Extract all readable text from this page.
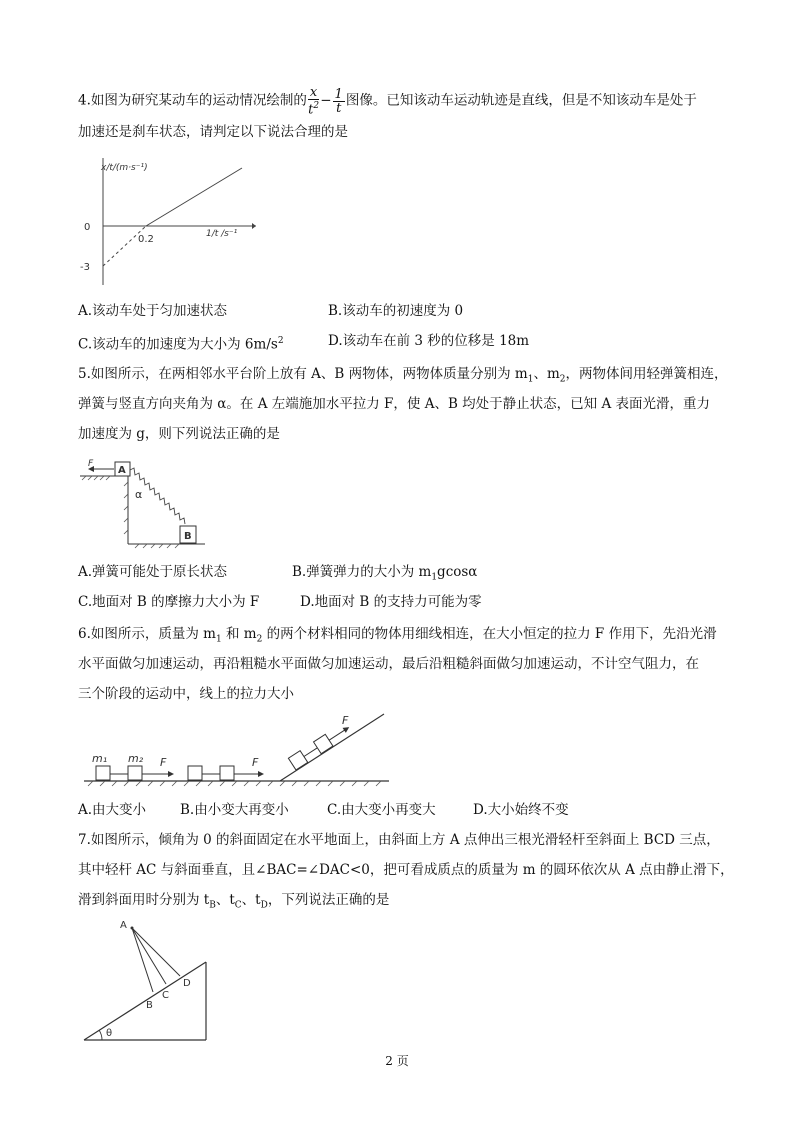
4.如图为研究某动车的运动情况绘制的 $\frac{x}{t^2} - \frac{1}{t}$ 图像。已知该动车运动轨迹是直线，但是不知该动车是处于
加速还是刹车状态，请判定以下说法合理的是
x/t/(m·s⁻¹)
1/t /s⁻¹
0
0.2
-3
A.该动车处于匀加速状态	B.该动车的初速度为 0
C.该动车的加速度为大小为 $6m/s^2$	D.该动车在前 3 秒的位移是 18m
5.如图所示，在两相邻水平台阶上放有 A、B 两物体，两物体质量分别为 $m_1$、$m_2$，两物体间用轻弹簧相连，
弹簧与竖直方向夹角为 α。在 A 左端施加水平拉力 F，使 A、B 均处于静止状态，已知 A 表面光滑，重力
加速度为 g，则下列说法正确的是
A
F
α
B
A.弹簧可能处于原长状态	B.弹簧弹力的大小为 $m_1gcos\alpha$
C.地面对 B 的摩擦力大小为 F	D.地面对 B 的支持力可能为零
6.如图所示，质量为 $m_1$ 和 $m_2$ 的两个材料相同的物体用细线相连，在大小恒定的拉力 F 作用下，先沿光滑
水平面做匀加速运动，再沿粗糙水平面做匀加速运动，最后沿粗糙斜面做匀加速运动，不计空气阻力，在
三个阶段的运动中，线上的拉力大小
m₁ m₂ F	F
F
A.由大变小	B.由小变大再变小	C.由大变小再变大	D.大小始终不变
7.如图所示，倾角为 0 的斜面固定在水平地面上，由斜面上方 A 点伸出三根光滑轻杆至斜面上 BCD 三点，
其中轻杆 AC 与斜面垂直，且∠BAC=∠DAC<0，把可看成质点的质量为 m 的圆环依次从 A 点由静止滑下，
滑到斜面用时分别为 $t_B$、$t_C$、$t_D$，下列说法正确的是
θ
A
B
C
D
2 页
